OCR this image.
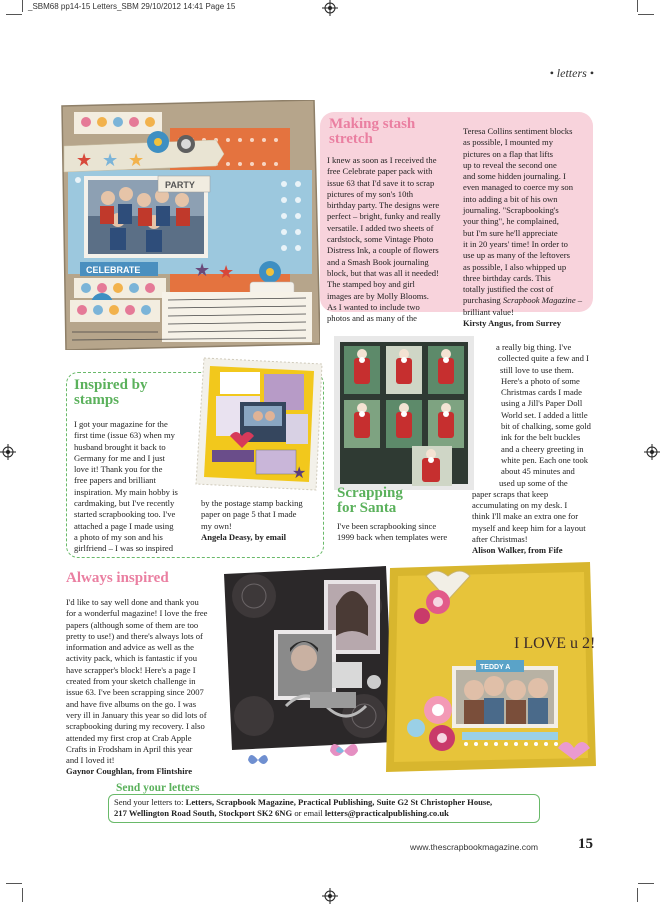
_SBM68 pp14-15 Letters_SBM 29/10/2012 14:41 Page 15
• letters •
★ ★ ★
PARTY
CELEBRATE	★ ★
Making stash
stretch
I knew as soon as I received the
free Celebrate paper pack with
issue 63 that I'd save it to scrap
pictures of my son's 10th
birthday party. The designs were
perfect – bright, funky and really
versatile. I added two sheets of
cardstock, some Vintage Photo
Distress Ink, a couple of flowers
and a Smash Book journaling
block, but that was all it needed!
The stamped boy and girl
images are by Molly Blooms.
As I wanted to include two
photos and as many of the
Teresa Collins sentiment blocks
as possible, I mounted my
pictures on a flap that lifts
up to reveal the second one
and some hidden journaling. I
even managed to coerce my son
into adding a bit of his own
journaling. "Scrapbooking's
your thing", he complained,
but I'm sure he'll appreciate
it in 20 years' time! In order to
use up as many of the leftovers
as possible, I also whipped up
three birthday cards. This
totally justified the cost of
purchasing Scrapbook Magazine –
brilliant value!
Kirsty Angus, from Surrey
Inspired by
stamps
★
I got your magazine for the
first time (issue 63) when my
husband brought it back to
Germany for me and I just
love it! Thank you for the
free papers and brilliant
inspiration. My main hobby is
cardmaking, but I've recently
started scrapbooking too. I've
attached a page I made using
a photo of my son and his
girlfriend – I was so inspired
by the postage stamp backing
paper on page 5 that I made
my own!
Angela Deasy, by email
Scrapping
for Santa
I've been scrapbooking since
1999 back when templates were
a really big thing. I've
collected quite a few and I
still love to use them.
Here's a photo of some
Christmas cards I made
using a Jill's Paper Doll
World set. I added a little
bit of chalking, some gold
ink for the belt buckles
and a cheery greeting in
white pen. Each one took
about 45 minutes and
used up some of the
paper scraps that keep
accumulating on my desk. I
think I'll make an extra one for
myself and keep him for a layout
after Christmas!
Alison Walker, from Fife
Always inspired
I'd like to say well done and thank you
for a wonderful magazine! I love the free
papers (although some of them are too
pretty to use!) and there's always lots of
information and advice as well as the
activity pack, which is fantastic if you
have scrapper's block! Here's a page I
created from your sketch challenge in
issue 63. I've been scrapping since 2007
and have five albums on the go. I was
very ill in January this year so did lots of
scrapbooking during my recovery. I also
attended my first crop at Crab Apple
Crafts in Frodsham in April this year
and I loved it!
Gaynor Coughlan, from Flintshire
I LOVE u 2!
TEDDY A
Send your letters
Send your letters to: Letters, Scrapbook Magazine, Practical Publishing, Suite G2 St Christopher House,
217 Wellington Road South, Stockport SK2 6NG or email letters@practicalpublishing.co.uk
www.thescrapbookmagazine.com	15
